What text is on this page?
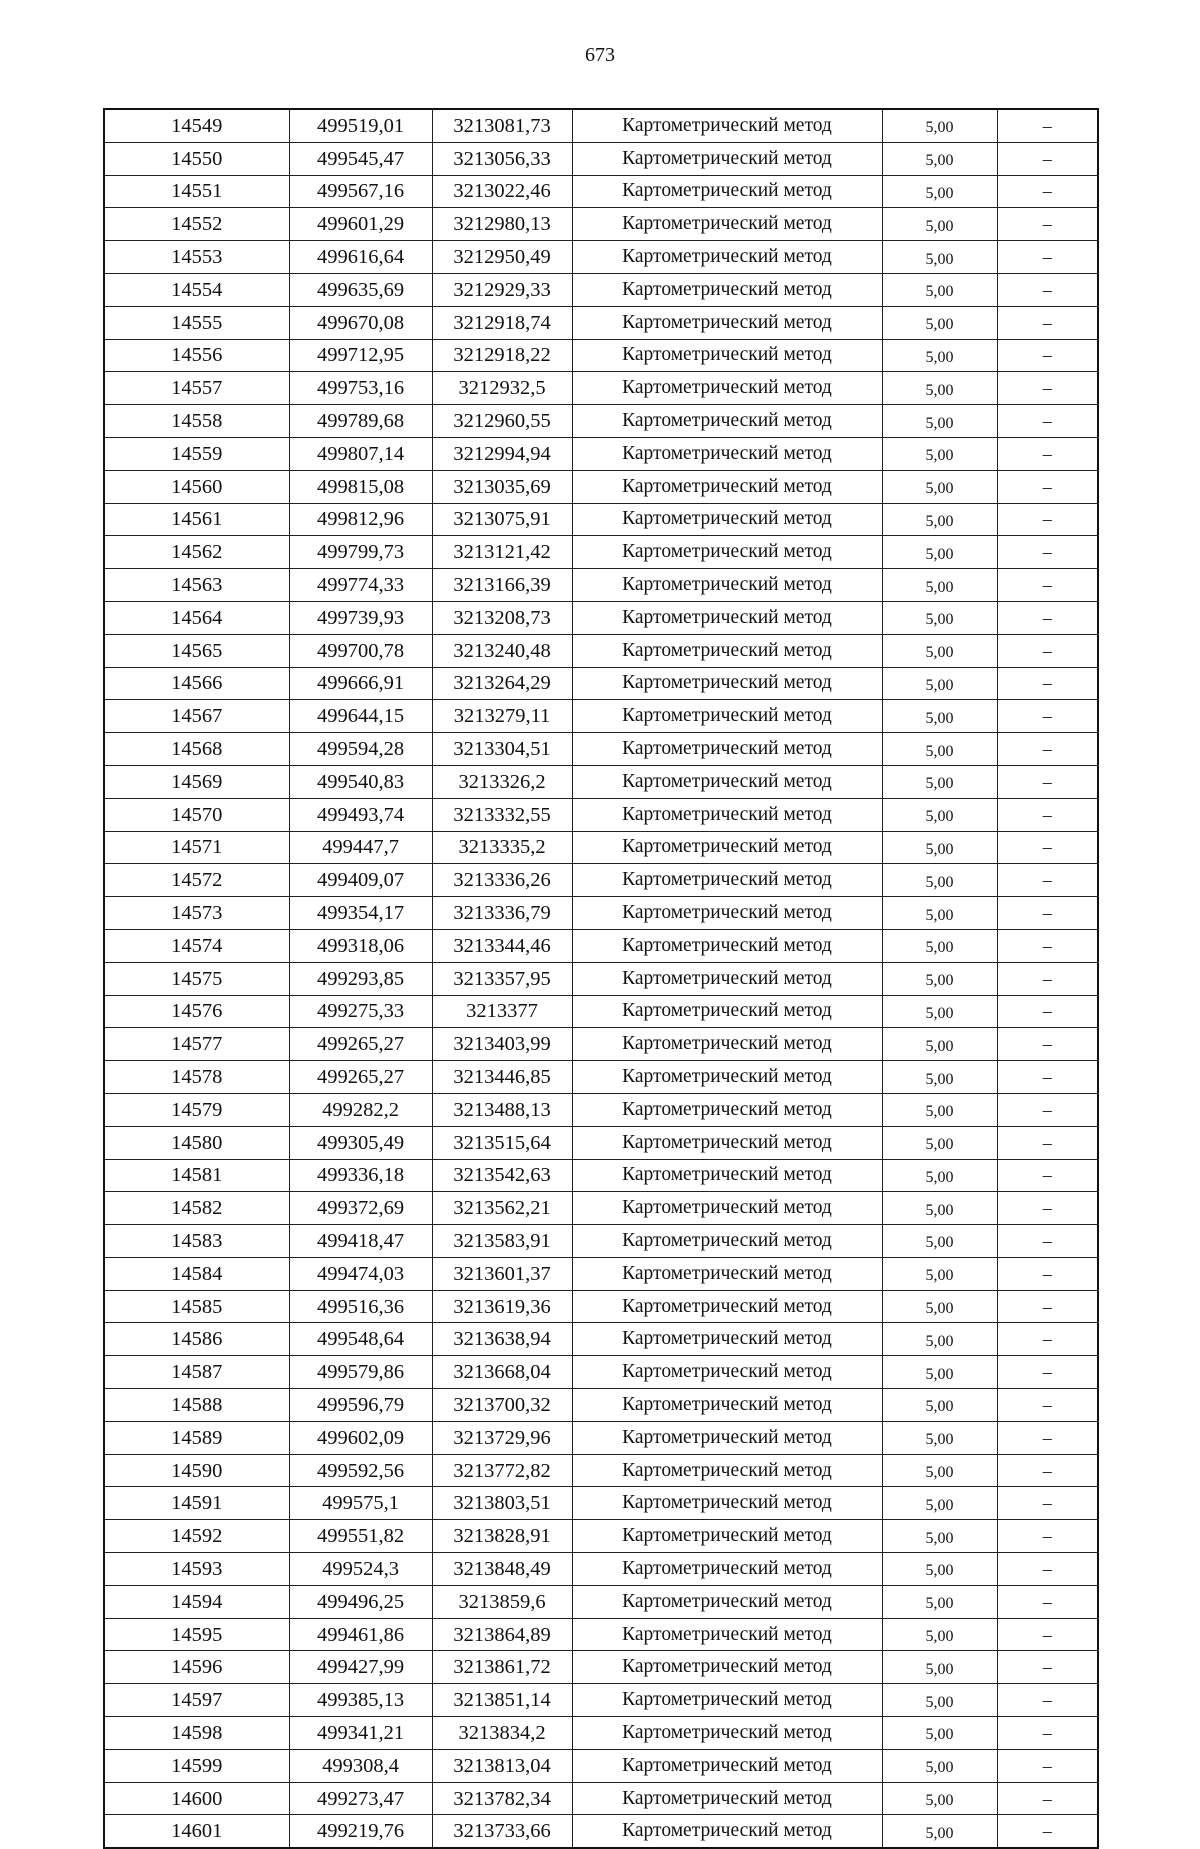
673
14549	499519,01	3213081,73	Картометрический метод	5,00	–
14550	499545,47	3213056,33	Картометрический метод	5,00	–
14551	499567,16	3213022,46	Картометрический метод	5,00	–
14552	499601,29	3212980,13	Картометрический метод	5,00	–
14553	499616,64	3212950,49	Картометрический метод	5,00	–
14554	499635,69	3212929,33	Картометрический метод	5,00	–
14555	499670,08	3212918,74	Картометрический метод	5,00	–
14556	499712,95	3212918,22	Картометрический метод	5,00	–
14557	499753,16	3212932,5	Картометрический метод	5,00	–
14558	499789,68	3212960,55	Картометрический метод	5,00	–
14559	499807,14	3212994,94	Картометрический метод	5,00	–
14560	499815,08	3213035,69	Картометрический метод	5,00	–
14561	499812,96	3213075,91	Картометрический метод	5,00	–
14562	499799,73	3213121,42	Картометрический метод	5,00	–
14563	499774,33	3213166,39	Картометрический метод	5,00	–
14564	499739,93	3213208,73	Картометрический метод	5,00	–
14565	499700,78	3213240,48	Картометрический метод	5,00	–
14566	499666,91	3213264,29	Картометрический метод	5,00	–
14567	499644,15	3213279,11	Картометрический метод	5,00	–
14568	499594,28	3213304,51	Картометрический метод	5,00	–
14569	499540,83	3213326,2	Картометрический метод	5,00	–
14570	499493,74	3213332,55	Картометрический метод	5,00	–
14571	499447,7	3213335,2	Картометрический метод	5,00	–
14572	499409,07	3213336,26	Картометрический метод	5,00	–
14573	499354,17	3213336,79	Картометрический метод	5,00	–
14574	499318,06	3213344,46	Картометрический метод	5,00	–
14575	499293,85	3213357,95	Картометрический метод	5,00	–
14576	499275,33	3213377	Картометрический метод	5,00	–
14577	499265,27	3213403,99	Картометрический метод	5,00	–
14578	499265,27	3213446,85	Картометрический метод	5,00	–
14579	499282,2	3213488,13	Картометрический метод	5,00	–
14580	499305,49	3213515,64	Картометрический метод	5,00	–
14581	499336,18	3213542,63	Картометрический метод	5,00	–
14582	499372,69	3213562,21	Картометрический метод	5,00	–
14583	499418,47	3213583,91	Картометрический метод	5,00	–
14584	499474,03	3213601,37	Картометрический метод	5,00	–
14585	499516,36	3213619,36	Картометрический метод	5,00	–
14586	499548,64	3213638,94	Картометрический метод	5,00	–
14587	499579,86	3213668,04	Картометрический метод	5,00	–
14588	499596,79	3213700,32	Картометрический метод	5,00	–
14589	499602,09	3213729,96	Картометрический метод	5,00	–
14590	499592,56	3213772,82	Картометрический метод	5,00	–
14591	499575,1	3213803,51	Картометрический метод	5,00	–
14592	499551,82	3213828,91	Картометрический метод	5,00	–
14593	499524,3	3213848,49	Картометрический метод	5,00	–
14594	499496,25	3213859,6	Картометрический метод	5,00	–
14595	499461,86	3213864,89	Картометрический метод	5,00	–
14596	499427,99	3213861,72	Картометрический метод	5,00	–
14597	499385,13	3213851,14	Картометрический метод	5,00	–
14598	499341,21	3213834,2	Картометрический метод	5,00	–
14599	499308,4	3213813,04	Картометрический метод	5,00	–
14600	499273,47	3213782,34	Картометрический метод	5,00	–
14601	499219,76	3213733,66	Картометрический метод	5,00	–
